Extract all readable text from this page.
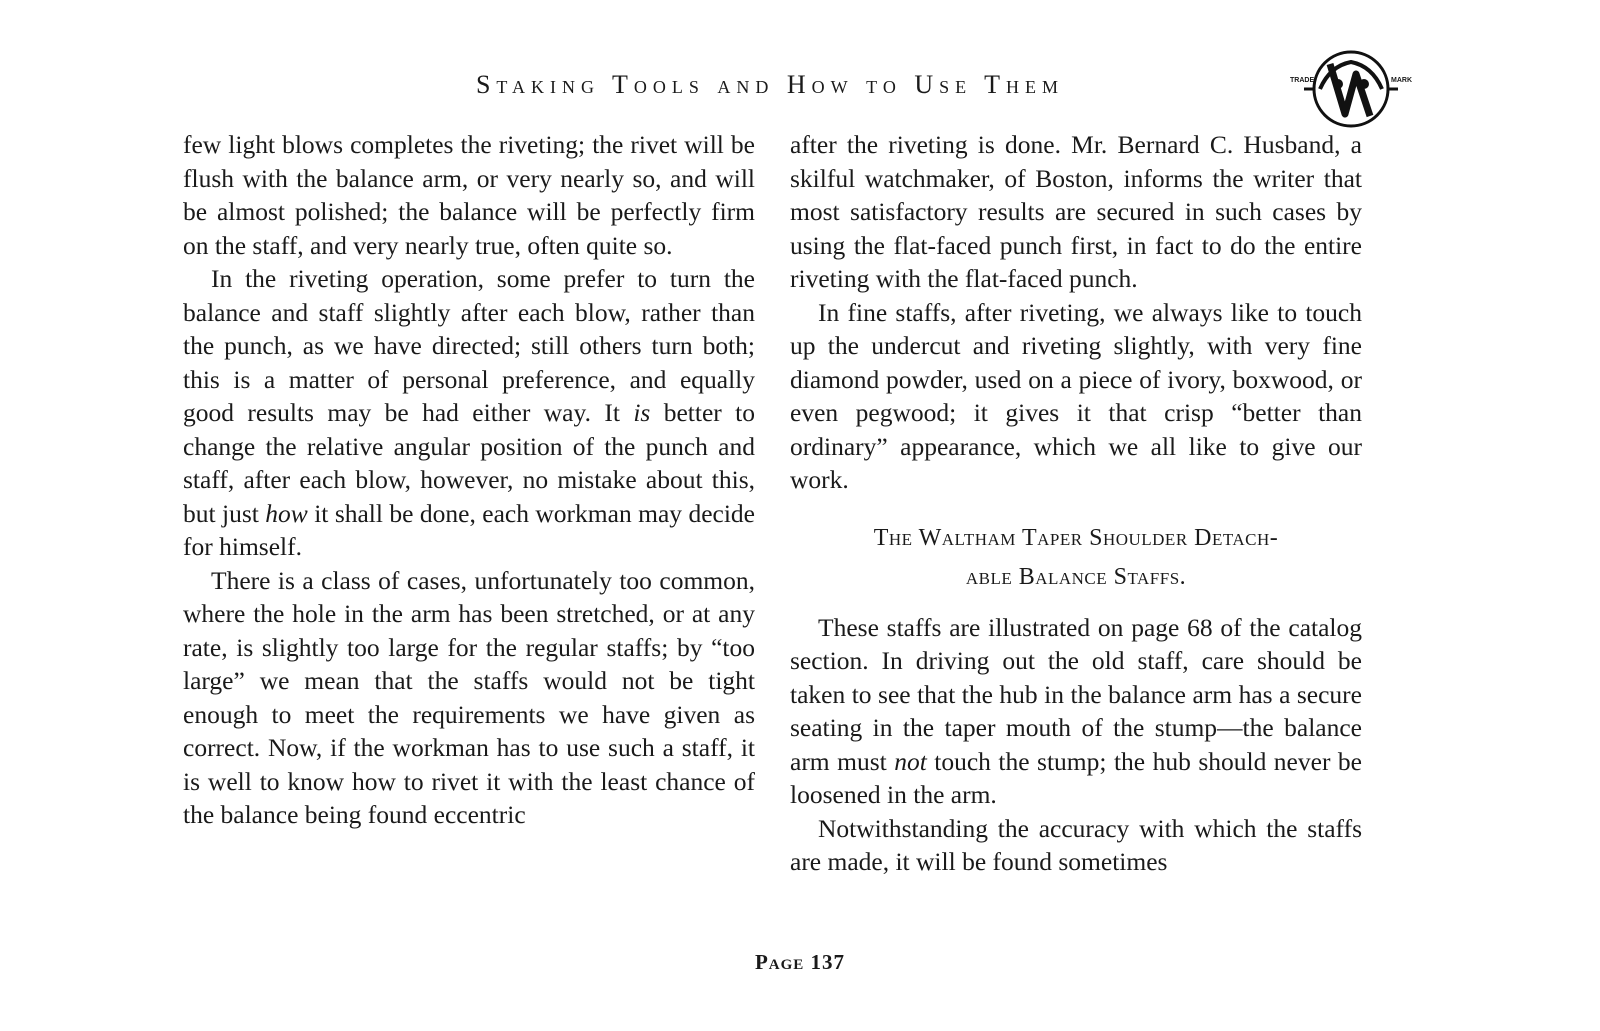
Staking Tools and How to Use Them	TRADE	MARK

few light blows completes the riveting; the rivet will be flush with the balance arm, or very nearly so, and will be almost polished; the balance will be perfectly firm on the staff, and very nearly true, often quite so.

In the riveting operation, some prefer to turn the balance and staff slightly after each blow, rather than the punch, as we have directed; still others turn both; this is a matter of personal preference, and equally good results may be had either way. It is better to change the relative angular position of the punch and staff, after each blow, however, no mistake about this, but just how it shall be done, each workman may decide for himself.

There is a class of cases, unfortunately too common, where the hole in the arm has been stretched, or at any rate, is slightly too large for the regular staffs; by “too large” we mean that the staffs would not be tight enough to meet the requirements we have given as correct. Now, if the workman has to use such a staff, it is well to know how to rivet it with the least chance of the balance being found eccentric

after the riveting is done. Mr. Bernard C. Husband, a skilful watchmaker, of Boston, informs the writer that most satisfactory results are secured in such cases by using the flat-faced punch first, in fact to do the entire riveting with the flat-faced punch.

In fine staffs, after riveting, we always like to touch up the undercut and riveting slightly, with very fine diamond powder, used on a piece of ivory, boxwood, or even pegwood; it gives it that crisp “better than ordinary” appearance, which we all like to give our work.

The Waltham Taper Shoulder Detach-
able Balance Staffs.

These staffs are illustrated on page 68 of the catalog section. In driving out the old staff, care should be taken to see that the hub in the balance arm has a secure seating in the taper mouth of the stump—the balance arm must not touch the stump; the hub should never be loosened in the arm.

Notwithstanding the accuracy with which the staffs are made, it will be found sometimes

Page 137
